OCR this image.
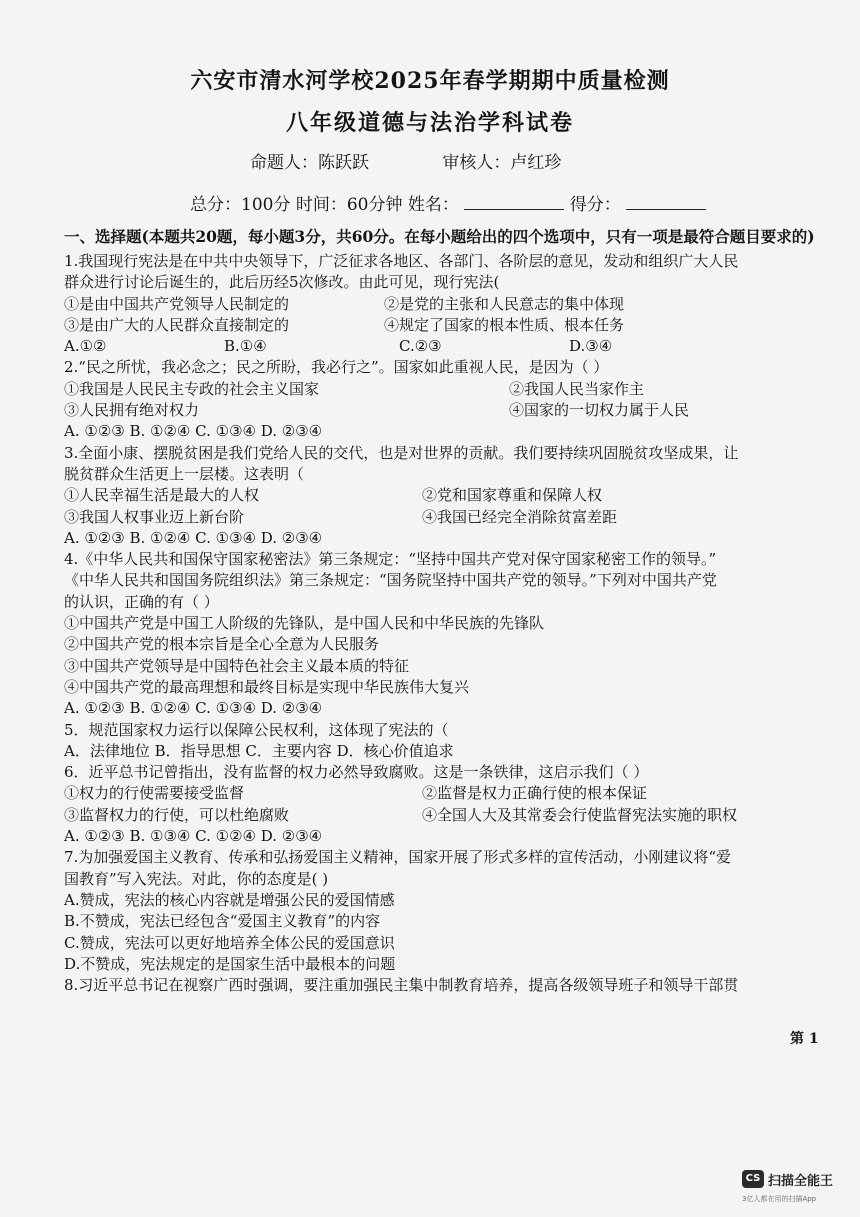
六安市清水河学校2025年春学期期中质量检测
八年级道德与法治学科试卷
命题人：陈跃跃	审核人：卢红珍
总分：100分 时间：60分钟 姓名：	得分：
一、选择题(本题共20题，每小题3分，共60分。在每小题给出的四个选项中，只有一项是最符合题目要求的)
1.我国现行宪法是在中共中央领导下，广泛征求各地区、各部门、各阶层的意见，发动和组织广大人民
群众进行讨论后诞生的，此后历经5次修改。由此可见，现行宪法(
①是由中国共产党领导人民制定的	②是党的主张和人民意志的集中体现
③是由广大的人民群众直接制定的	④规定了国家的根本性质、根本任务
A.①②	B.①④	C.②③	D.③④
2.“民之所忧，我必念之；民之所盼，我必行之”。国家如此重视人民，是因为（ ）
①我国是人民民主专政的社会主义国家	②我国人民当家作主
③人民拥有绝对权力	④国家的一切权力属于人民
A. ①②③ B. ①②④ C. ①③④ D. ②③④
3.全面小康、摆脱贫困是我们党给人民的交代，也是对世界的贡献。我们要持续巩固脱贫攻坚成果，让
脱贫群众生活更上一层楼。这表明（
①人民幸福生活是最大的人权	②党和国家尊重和保障人权
③我国人权事业迈上新台阶	④我国已经完全消除贫富差距
A. ①②③ B. ①②④ C. ①③④ D. ②③④
4.《中华人民共和国保守国家秘密法》第三条规定：“坚持中国共产党对保守国家秘密工作的领导。”
《中华人民共和国国务院组织法》第三条规定：“国务院坚持中国共产党的领导。”下列对中国共产党
的认识，正确的有（ ）
①中国共产党是中国工人阶级的先锋队，是中国人民和中华民族的先锋队
②中国共产党的根本宗旨是全心全意为人民服务
③中国共产党领导是中国特色社会主义最本质的特征
④中国共产党的最高理想和最终目标是实现中华民族伟大复兴
A. ①②③ B. ①②④ C. ①③④ D. ②③④
5．规范国家权力运行以保障公民权利，这体现了宪法的（
A．法律地位 B．指导思想 C．主要内容 D．核心价值追求
6．近平总书记曾指出，没有监督的权力必然导致腐败。这是一条铁律，这启示我们（ ）
①权力的行使需要接受监督	②监督是权力正确行使的根本保证
③监督权力的行使，可以杜绝腐败	④全国人大及其常委会行使监督宪法实施的职权
A. ①②③ B. ①③④ C. ①②④ D. ②③④
7.为加强爱国主义教育、传承和弘扬爱国主义精神，国家开展了形式多样的宣传活动，小刚建议将“爱
国教育”写入宪法。对此，你的态度是( )
A.赞成，宪法的核心内容就是增强公民的爱国情感
B.不赞成，宪法已经包含“爱国主义教育”的内容
C.赞成，宪法可以更好地培养全体公民的爱国意识
D.不赞成，宪法规定的是国家生活中最根本的问题
8.习近平总书记在视察广西时强调，要注重加强民主集中制教育培养，提高各级领导班子和领导干部贯
第 1
CS 扫描全能王
3亿人都在用的扫描App
